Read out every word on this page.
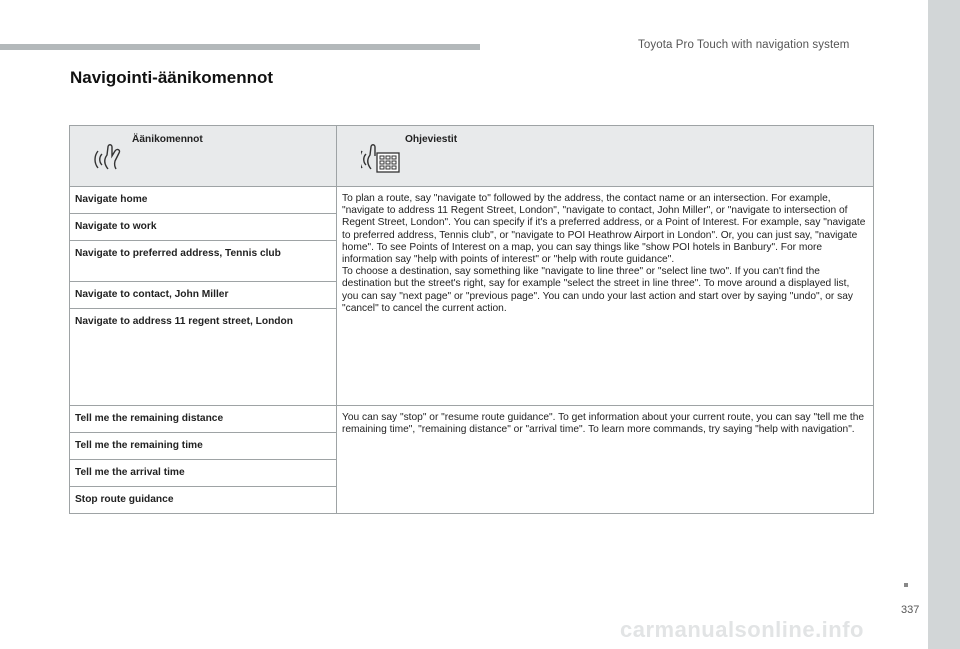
Toyota Pro Touch with navigation system
Navigointi-äänikomennot
Äänikomennot	Ohjeviestit

Navigate home	To plan a route, say "navigate to" followed by the address, the contact name or an intersection. For example, "navigate to address 11 Regent Street, London", "navigate to contact, John Miller", or "navigate to intersection of Regent Street, London". You can specify if it's a preferred address, or a Point of Interest. For example, say "navigate to preferred address, Tennis club", or "navigate to POI Heathrow Airport in London". Or, you can just say, "navigate home". To see Points of Interest on a map, you can say things like "show POI hotels in Banbury". For more information say "help with points of interest" or "help with route guidance".

To choose a destination, say something like "navigate to line three" or "select line two". If you can't find the destination but the street's right, say for example "select the street in line three". To move around a displayed list, you can say "next page" or "previous page". You can undo your last action and start over by saying "undo", or say "cancel" to cancel the current action.

Navigate to work	
Navigate to preferred address, Tennis club	
Navigate to contact, John Miller	
Navigate to address 11 regent street, London	
Tell me the remaining distance	You can say "stop" or "resume route guidance". To get information about your current route, you can say "tell me the remaining time", "remaining distance" or "arrival time". To learn more commands, try saying "help with navigation".

Tell me the remaining time	
Tell me the arrival time	
Stop route guidance	
337
carmanualsonline.info
